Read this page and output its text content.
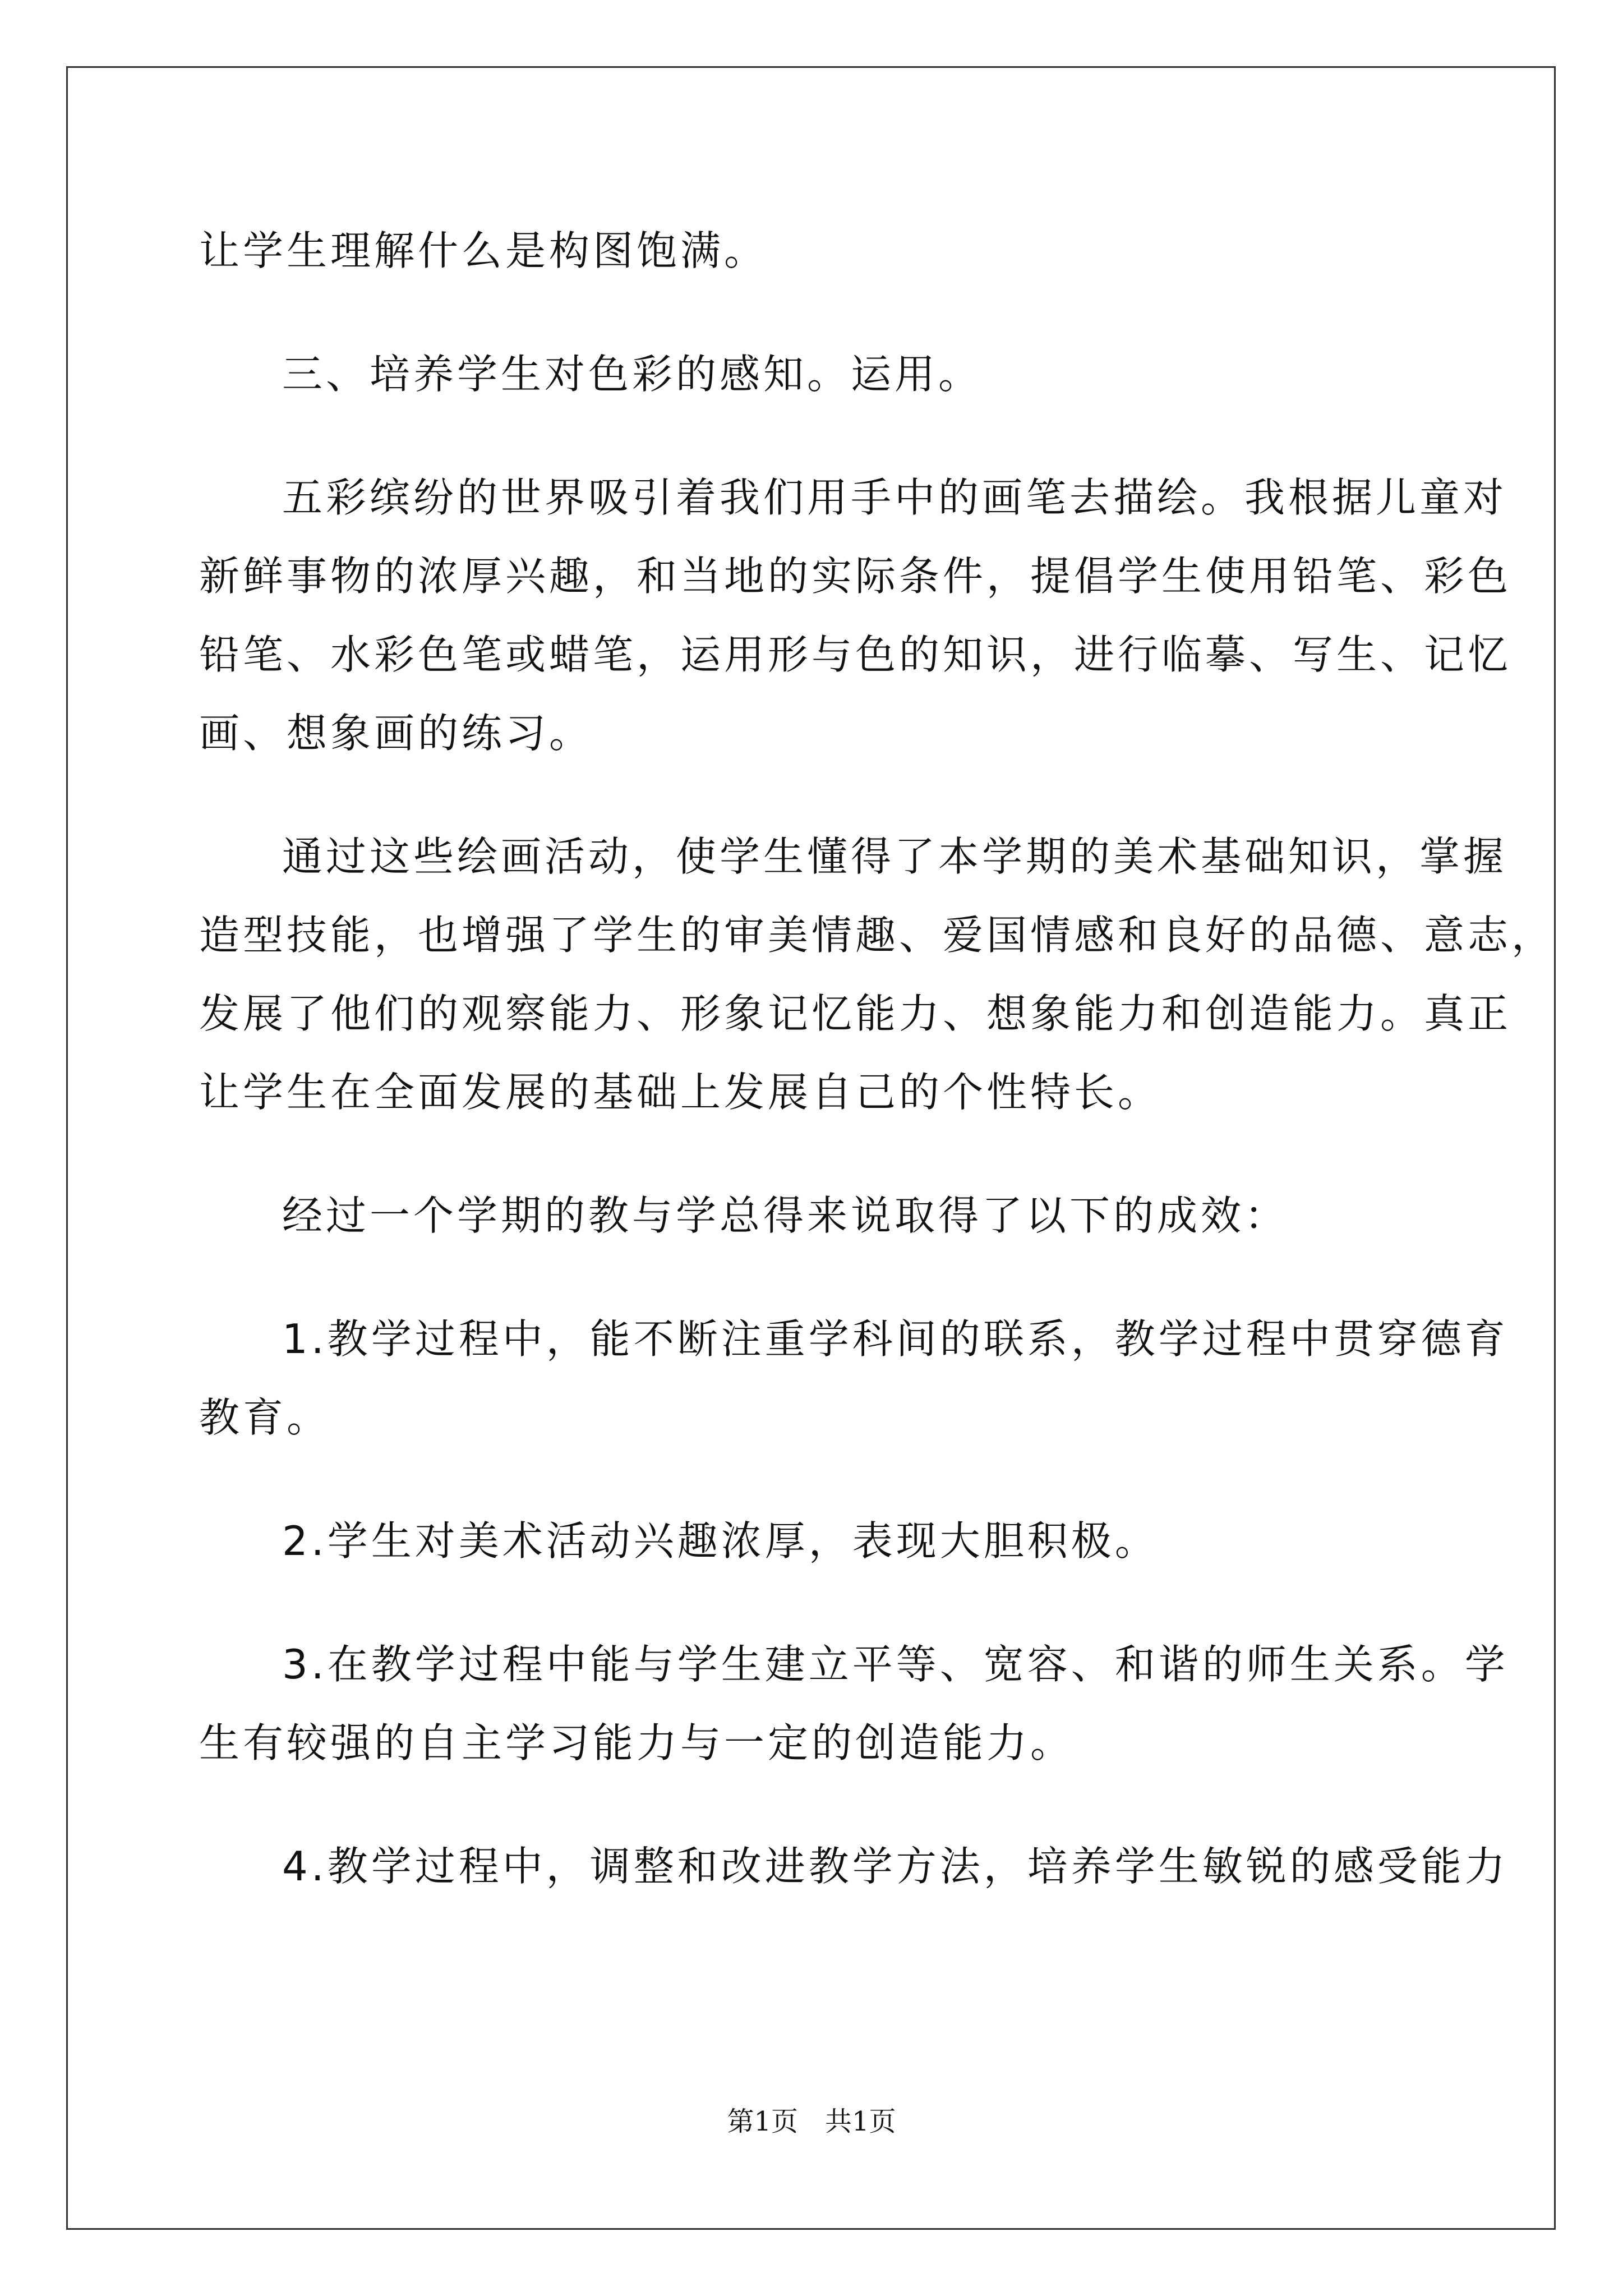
让学生理解什么是构图饱满。
三、培养学生对色彩的感知。运用。
五彩缤纷的世界吸引着我们用手中的画笔去描绘。我根据儿童对
新鲜事物的浓厚兴趣，和当地的实际条件，提倡学生使用铅笔、彩色
铅笔、水彩色笔或蜡笔，运用形与色的知识，进行临摹、写生、记忆
画、想象画的练习。
通过这些绘画活动，使学生懂得了本学期的美术基础知识，掌握
造型技能，也增强了学生的审美情趣、爱国情感和良好的品德、意志，
发展了他们的观察能力、形象记忆能力、想象能力和创造能力。真正
让学生在全面发展的基础上发展自己的个性特长。
经过一个学期的教与学总得来说取得了以下的成效：
1.教学过程中，能不断注重学科间的联系，教学过程中贯穿德育
教育。
2.学生对美术活动兴趣浓厚，表现大胆积极。
3.在教学过程中能与学生建立平等、宽容、和谐的师生关系。学
生有较强的自主学习能力与一定的创造能力。
4.教学过程中，调整和改进教学方法，培养学生敏锐的感受能力
第1页　共1页
